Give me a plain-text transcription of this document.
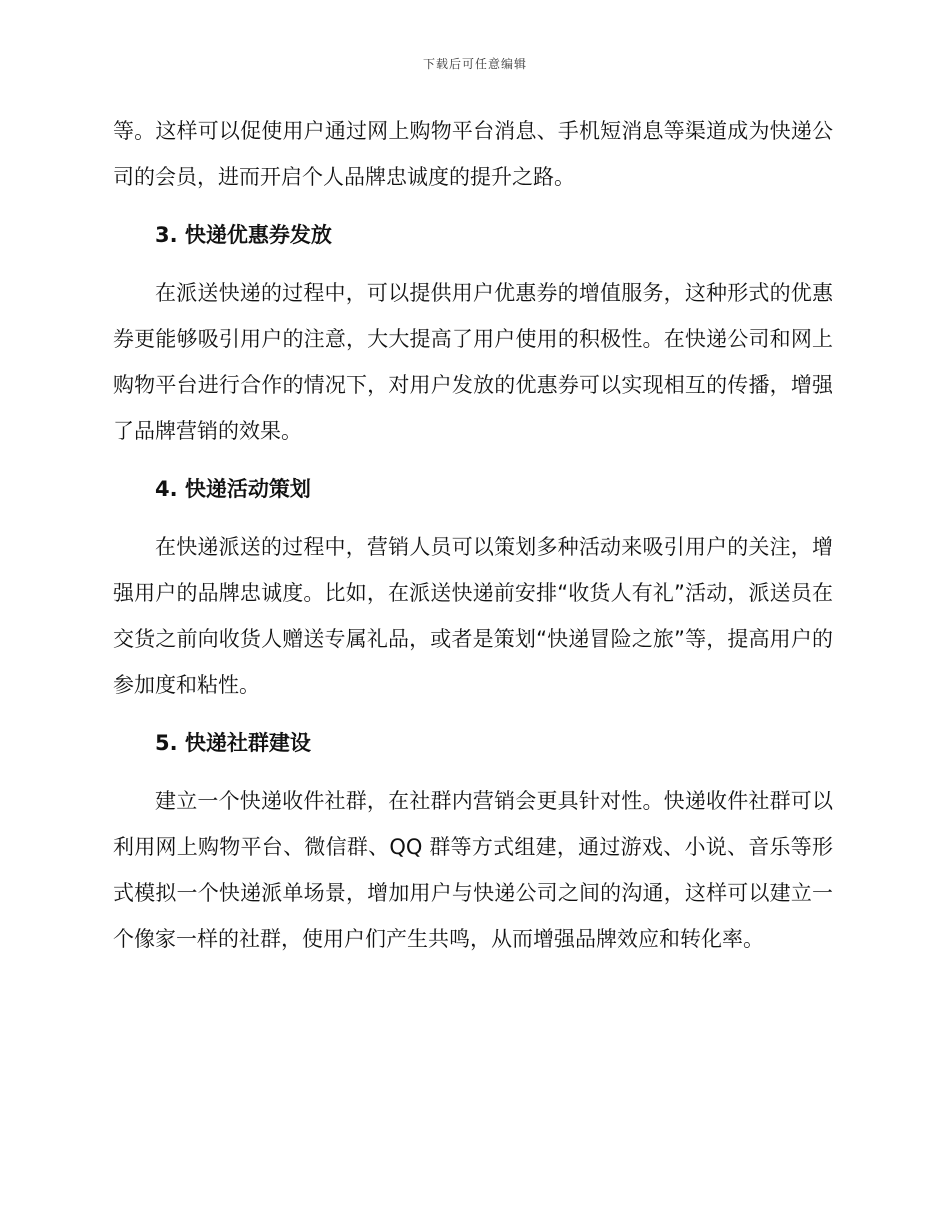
下载后可任意编辑

等。这样可以促使用户通过网上购物平台消息、手机短消息等渠道成为快递公司的会员，进而开启个人品牌忠诚度的提升之路。

3. 快递优惠券发放

在派送快递的过程中，可以提供用户优惠券的增值服务，这种形式的优惠券更能够吸引用户的注意，大大提高了用户使用的积极性。在快递公司和网上购物平台进行合作的情况下，对用户发放的优惠券可以实现相互的传播，增强了品牌营销的效果。

4. 快递活动策划

在快递派送的过程中，营销人员可以策划多种活动来吸引用户的关注，增强用户的品牌忠诚度。比如，在派送快递前安排“收货人有礼”活动，派送员在交货之前向收货人赠送专属礼品，或者是策划“快递冒险之旅”等，提高用户的参加度和粘性。

5. 快递社群建设

建立一个快递收件社群，在社群内营销会更具针对性。快递收件社群可以利用网上购物平台、微信群、QQ 群等方式组建，通过游戏、小说、音乐等形式模拟一个快递派单场景，增加用户与快递公司之间的沟通，这样可以建立一个像家一样的社群，使用户们产生共鸣，从而增强品牌效应和转化率。
